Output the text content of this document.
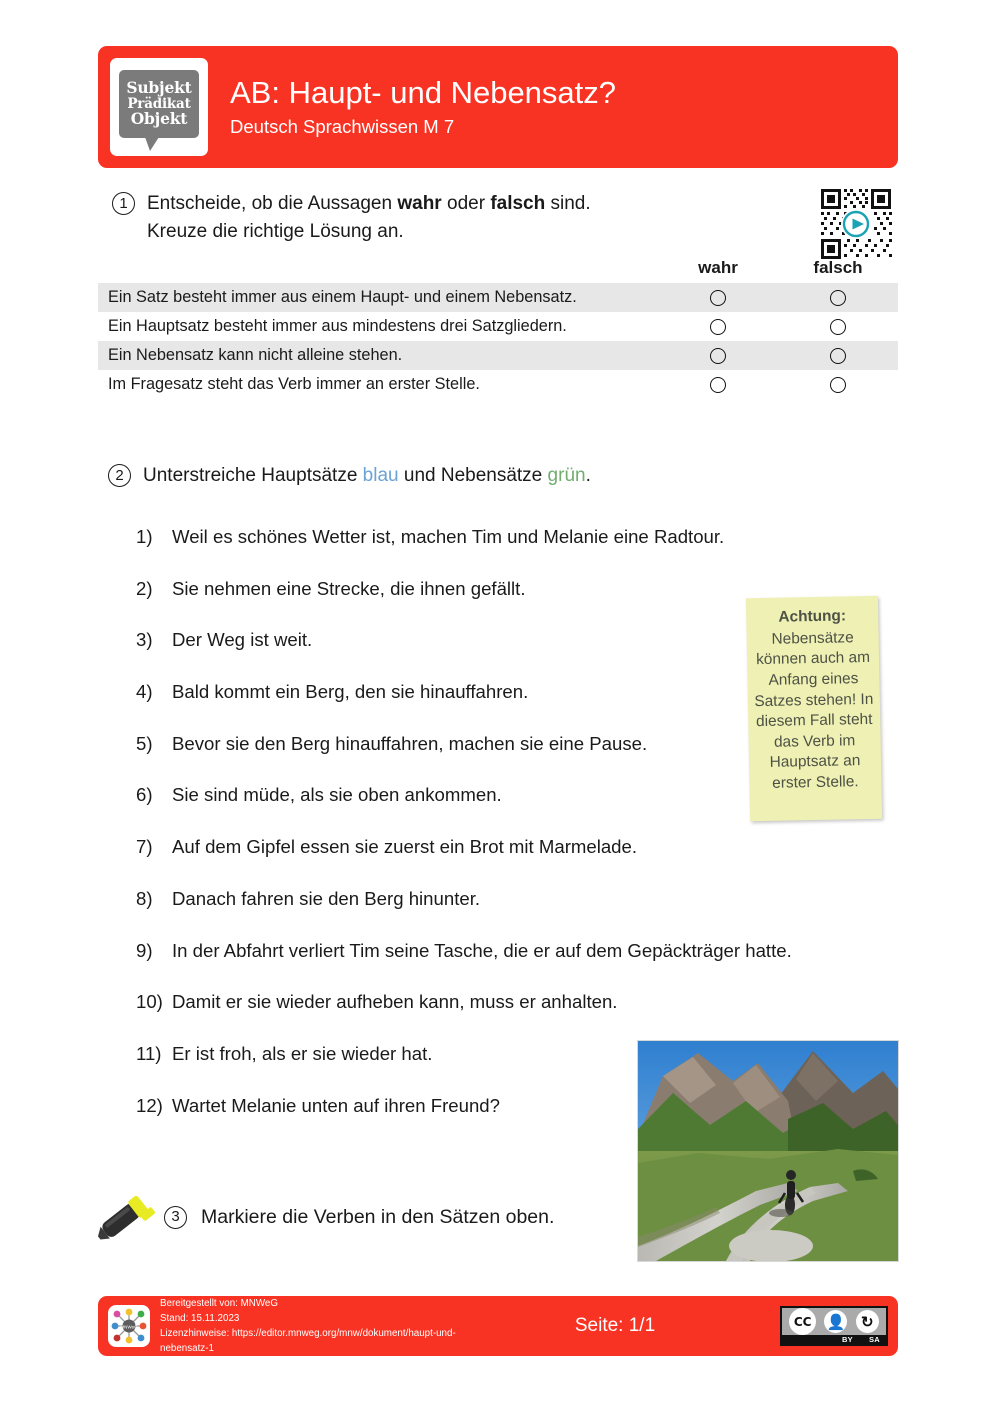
Subjekt
Prädikat
Objekt
AB: Haupt- und Nebensatz?
Deutsch Sprachwissen M 7
1	Entscheide, ob die Aussagen wahr oder falsch sind.
Kreuze die richtige Lösung an.
wahr	falsch
Ein Satz besteht immer aus einem Haupt- und einem Nebensatz.
Ein Hauptsatz besteht immer aus mindestens drei Satzgliedern.
Ein Nebensatz kann nicht alleine stehen.
Im Fragesatz steht das Verb immer an erster Stelle.
2	Unterstreiche Hauptsätze blau und Nebensätze grün.
1)	Weil es schönes Wetter ist, machen Tim und Melanie eine Radtour.
2)	Sie nehmen eine Strecke, die ihnen gefällt.
3)	Der Weg ist weit.
4)	Bald kommt ein Berg, den sie hinauffahren.
5)	Bevor sie den Berg hinauffahren, machen sie eine Pause.
6)	Sie sind müde, als sie oben ankommen.
7)	Auf dem Gipfel essen sie zuerst ein Brot mit Marmelade.
8)	Danach fahren sie den Berg hinunter.
9)	In der Abfahrt verliert Tim seine Tasche, die er auf dem Gepäckträger hatte.
10) Damit er sie wieder aufheben kann, muss er anhalten.
11) Er ist froh, als er sie wieder hat.
12) Wartet Melanie unten auf ihren Freund?
Achtung:
Nebensätze können auch am Anfang eines Satzes stehen! In diesem Fall steht das Verb im Hauptsatz an erster Stelle.
3	Markiere die Verben in den Sätzen oben.
MNWeG
Bereitgestellt von: MNWeG
Stand: 15.11.2023
Lizenzhinweise: https://editor.mnweg.org/mnw/dokument/haupt-und-nebensatz-1
Seite: 1/1	CC	👤	↻
BY SA
